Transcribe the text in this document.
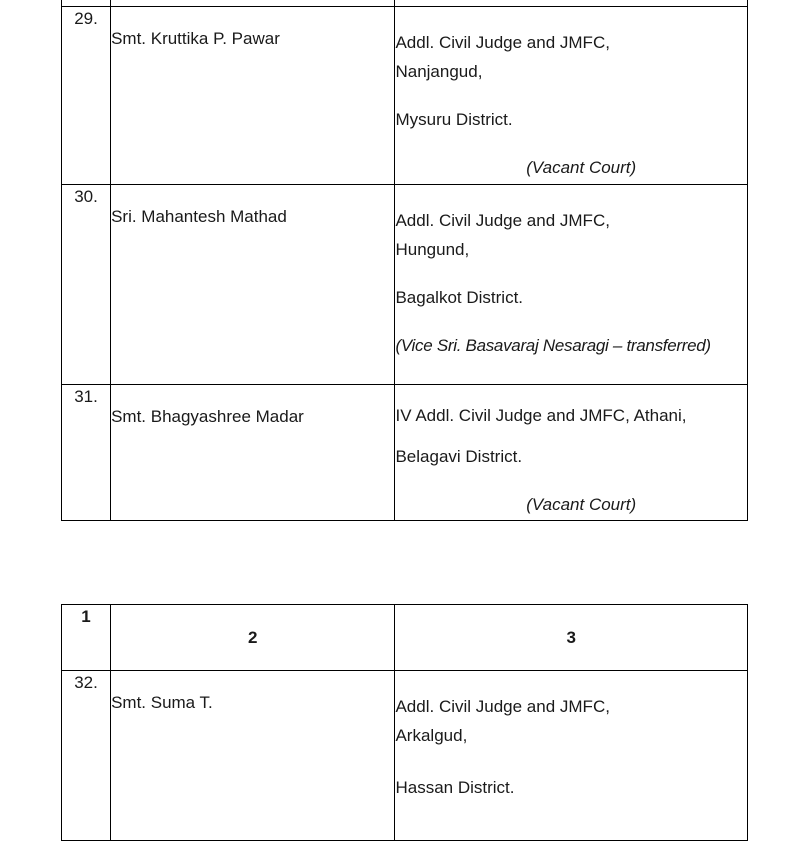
29.	Smt. Kruttika P. Pawar	Addl. Civil Judge and JMFC,

Nanjangud,

Mysuru District.

(Vacant Court)

30.	Sri. Mahantesh Mathad	Addl. Civil Judge and JMFC,

Hungund,

Bagalkot District.

(Vice Sri. Basavaraj Nesaragi – transferred)

31.	Smt. Bhagyashree Madar	IV Addl. Civil Judge and JMFC, Athani,

Belagavi District.

(Vacant Court)

1	2	3
32.	Smt. Suma T.	Addl. Civil Judge and JMFC,

Arkalgud,

Hassan District.
